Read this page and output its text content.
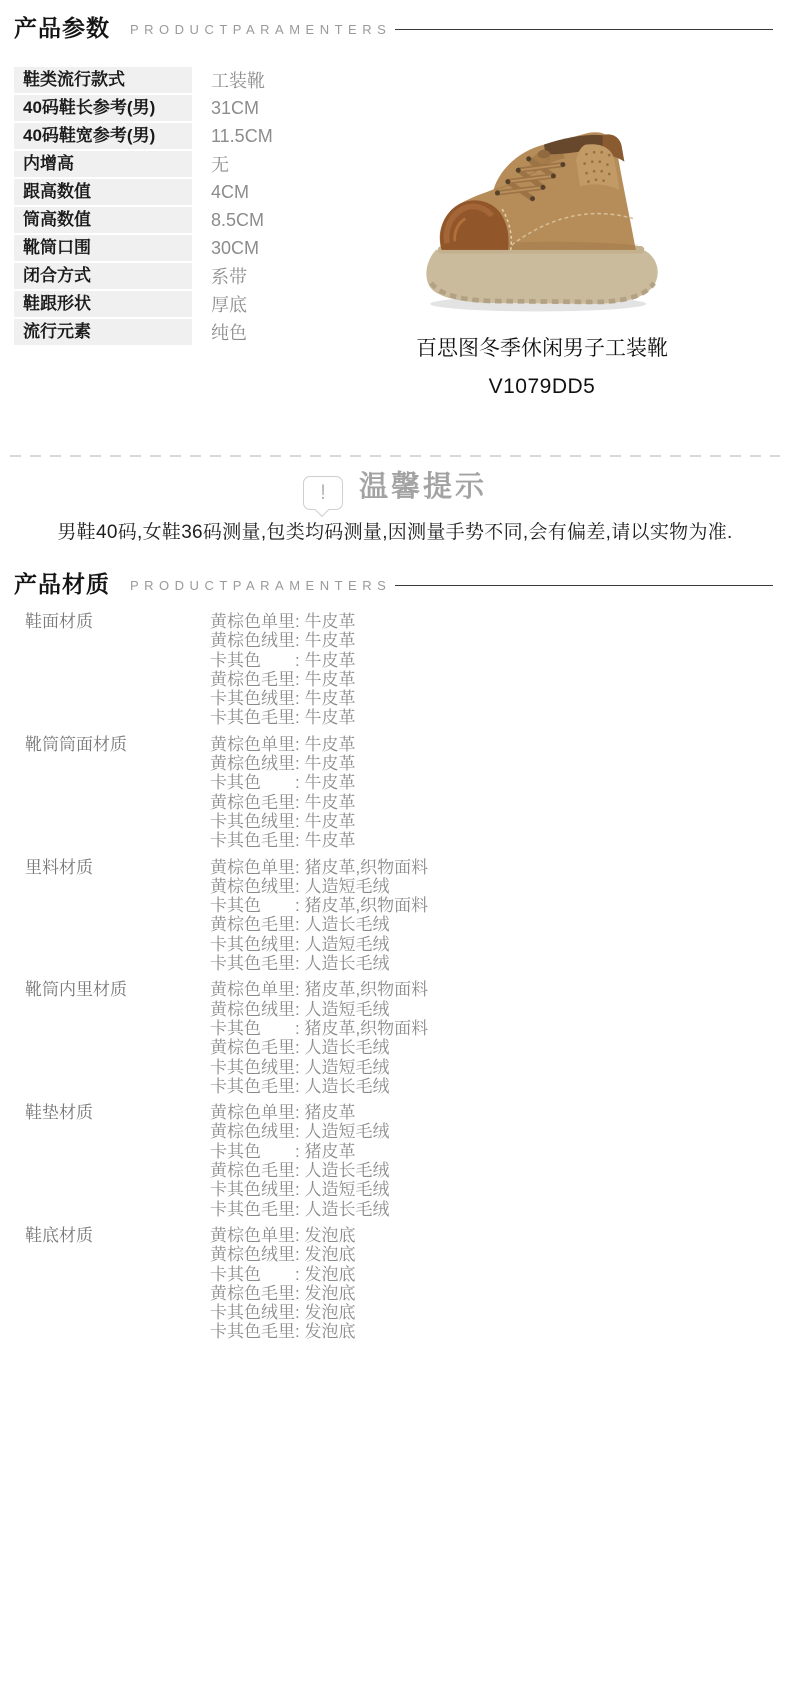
产品参数 PRODUCTPARAMENTERS
鞋类流行款式	工装靴
40码鞋长参考(男)	31CM
40码鞋宽参考(男)	11.5CM
内增高	无
跟高数值	4CM
筒高数值	8.5CM
靴筒口围	30CM
闭合方式	系带
鞋跟形状	厚底
流行元素	纯色
百思图冬季休闲男子工装靴
V1079DD5
!	温馨提示

男鞋40码,女鞋36码测量,包类均码测量,因测量手势不同,会有偏差,请以实物为准.

产品材质 PRODUCTPARAMENTERS
鞋面材质	黄棕色单里: 牛皮革
黄棕色绒里: 牛皮革
卡其色　　: 牛皮革
黄棕色毛里: 牛皮革
卡其色绒里: 牛皮革
卡其色毛里: 牛皮革
靴筒筒面材质	黄棕色单里: 牛皮革
黄棕色绒里: 牛皮革
卡其色　　: 牛皮革
黄棕色毛里: 牛皮革
卡其色绒里: 牛皮革
卡其色毛里: 牛皮革
里料材质	黄棕色单里: 猪皮革,织物面料
黄棕色绒里: 人造短毛绒
卡其色　　: 猪皮革,织物面料
黄棕色毛里: 人造长毛绒
卡其色绒里: 人造短毛绒
卡其色毛里: 人造长毛绒
靴筒内里材质	黄棕色单里: 猪皮革,织物面料
黄棕色绒里: 人造短毛绒
卡其色　　: 猪皮革,织物面料
黄棕色毛里: 人造长毛绒
卡其色绒里: 人造短毛绒
卡其色毛里: 人造长毛绒
鞋垫材质	黄棕色单里: 猪皮革
黄棕色绒里: 人造短毛绒
卡其色　　: 猪皮革
黄棕色毛里: 人造长毛绒
卡其色绒里: 人造短毛绒
卡其色毛里: 人造长毛绒
鞋底材质	黄棕色单里: 发泡底
黄棕色绒里: 发泡底
卡其色　　: 发泡底
黄棕色毛里: 发泡底
卡其色绒里: 发泡底
卡其色毛里: 发泡底
